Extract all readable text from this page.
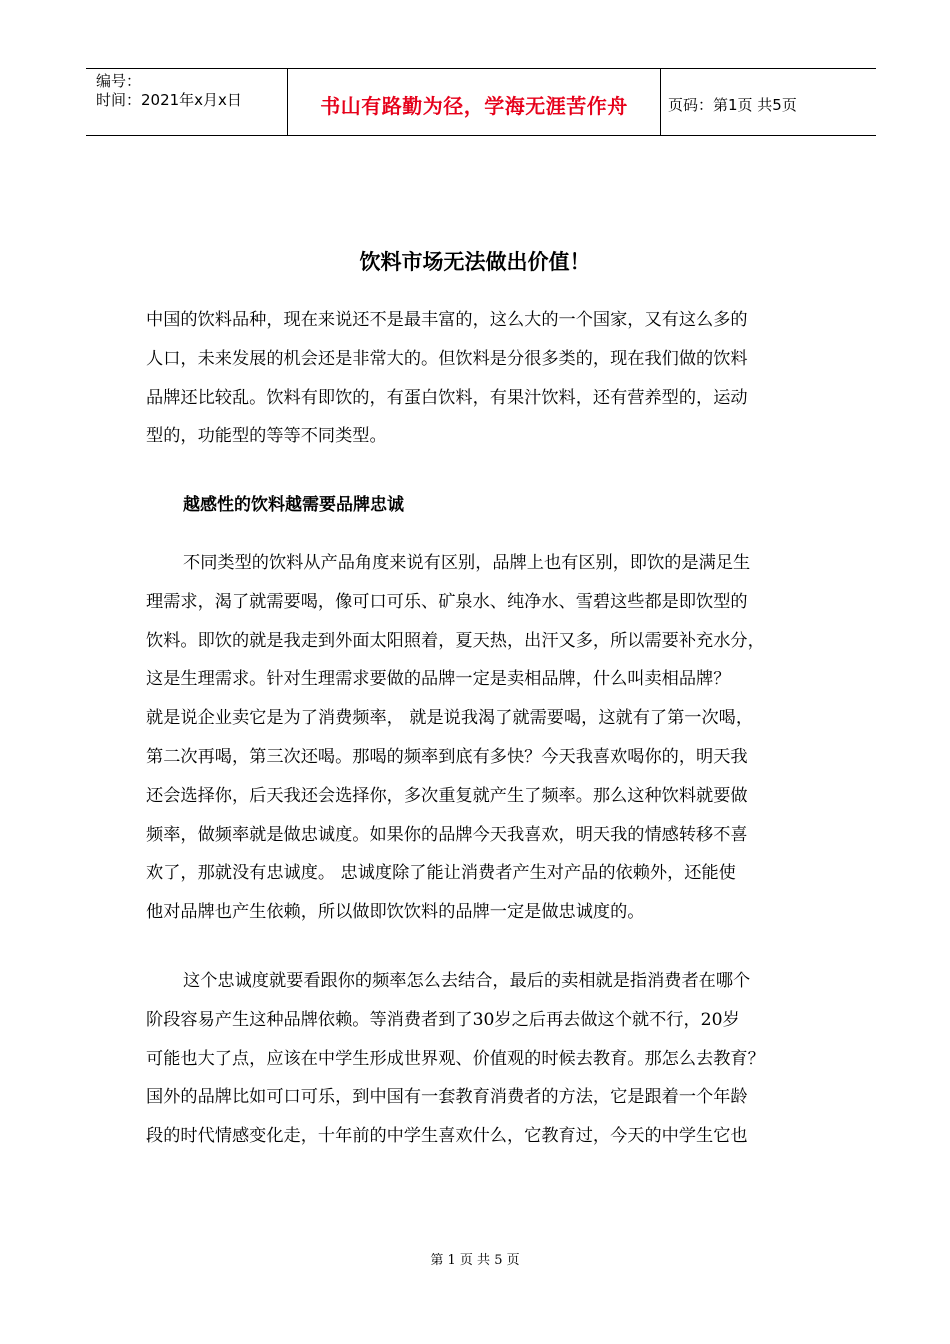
编号：
时间：2021年x月x日	书山有路勤为径，学海无涯苦作舟	页码：第1页 共5页
饮料市场无法做出价值！
中国的饮料品种，现在来说还不是最丰富的，这么大的一个国家，又有这么多的
人口，未来发展的机会还是非常大的。但饮料是分很多类的，现在我们做的饮料
品牌还比较乱。饮料有即饮的，有蛋白饮料，有果汁饮料，还有营养型的，运动
型的，功能型的等等不同类型。
越感性的饮料越需要品牌忠诚
不同类型的饮料从产品角度来说有区别，品牌上也有区别，即饮的是满足生
理需求，渴了就需要喝，像可口可乐、矿泉水、纯净水、雪碧这些都是即饮型的
饮料。即饮的就是我走到外面太阳照着，夏天热，出汗又多，所以需要补充水分，
这是生理需求。针对生理需求要做的品牌一定是卖相品牌，什么叫卖相品牌？
就是说企业卖它是为了消费频率， 就是说我渴了就需要喝，这就有了第一次喝，
第二次再喝，第三次还喝。那喝的频率到底有多快？今天我喜欢喝你的，明天我
还会选择你，后天我还会选择你，多次重复就产生了频率。那么这种饮料就要做
频率，做频率就是做忠诚度。如果你的品牌今天我喜欢，明天我的情感转移不喜
欢了，那就没有忠诚度。 忠诚度除了能让消费者产生对产品的依赖外，还能使
他对品牌也产生依赖，所以做即饮饮料的品牌一定是做忠诚度的。
这个忠诚度就要看跟你的频率怎么去结合，最后的卖相就是指消费者在哪个
阶段容易产生这种品牌依赖。等消费者到了30岁之后再去做这个就不行，20岁
可能也大了点，应该在中学生形成世界观、价值观的时候去教育。那怎么去教育？
国外的品牌比如可口可乐，到中国有一套教育消费者的方法，它是跟着一个年龄
段的时代情感变化走，十年前的中学生喜欢什么，它教育过，今天的中学生它也
第 1 页 共 5 页
